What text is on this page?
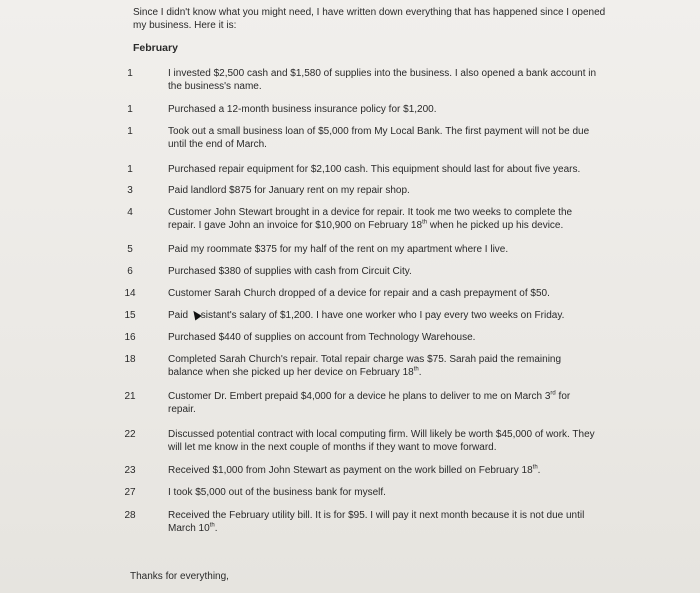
Since I didn't know what you might need, I have written down everything that has happened since I opened my business. Here it is:
February
1	I invested $2,500 cash and $1,580 of supplies into the business. I also opened a bank account in the business's name.
1	Purchased a 12-month business insurance policy for $1,200.
1	Took out a small business loan of $5,000 from My Local Bank. The first payment will not be due until the end of March.
1	Purchased repair equipment for $2,100 cash. This equipment should last for about five years.
3	Paid landlord $875 for January rent on my repair shop.
4	Customer John Stewart brought in a device for repair. It took me two weeks to complete the repair. I gave John an invoice for $10,900 on February 18th when he picked up his device.
5	Paid my roommate $375 for my half of the rent on my apartment where I live.
6	Purchased $380 of supplies with cash from Circuit City.
14	Customer Sarah Church dropped of a device for repair and a cash prepayment of $50.
15	Paid sistant's salary of $1,200. I have one worker who I pay every two weeks on Friday.
16	Purchased $440 of supplies on account from Technology Warehouse.
18	Completed Sarah Church's repair. Total repair charge was $75. Sarah paid the remaining balance when she picked up her device on February 18th.
21	Customer Dr. Embert prepaid $4,000 for a device he plans to deliver to me on March 3rd for repair.
22	Discussed potential contract with local computing firm. Will likely be worth $45,000 of work. They will let me know in the next couple of months if they want to move forward.
23	Received $1,000 from John Stewart as payment on the work billed on February 18th.
27	I took $5,000 out of the business bank for myself.
28	Received the February utility bill. It is for $95. I will pay it next month because it is not due until March 10th.
Thanks for everything,
